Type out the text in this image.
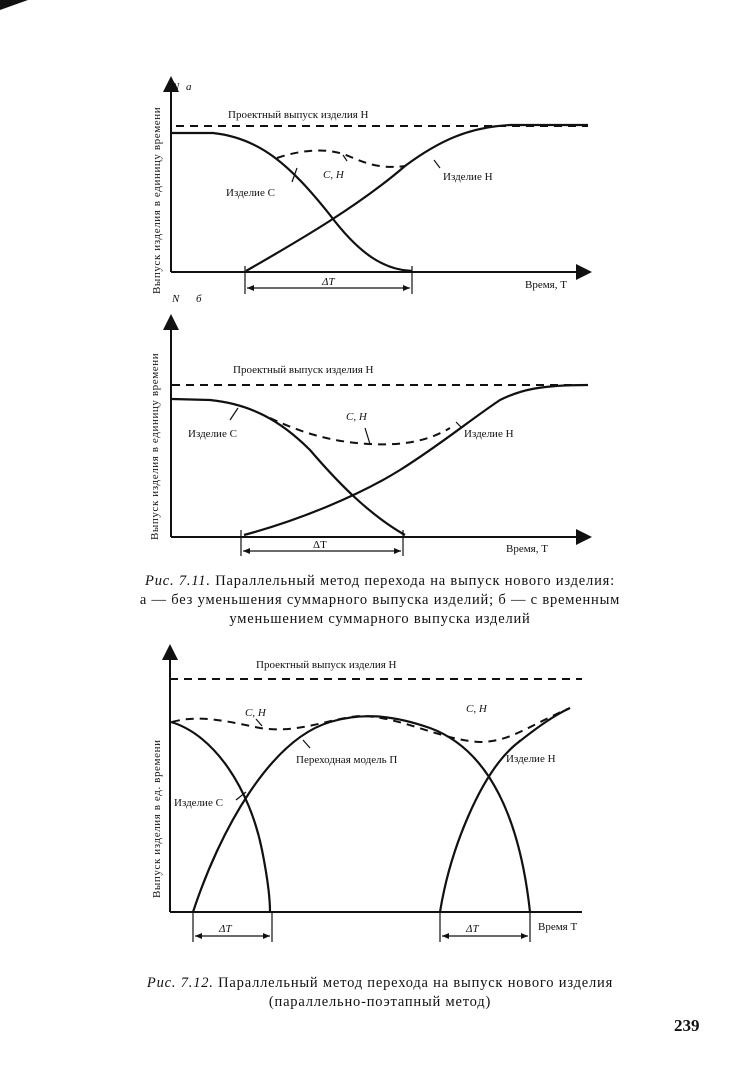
N а
Выпуск изделия в единицу времени	Время, T
Проектный выпуск изделия Н
С, Н
Изделие С
Изделие Н
ΔT
N б
Выпуск изделия в единицу времени
Время, T
Проектный выпуск изделия Н
С, Н
Изделие С	Изделие Н
ΔT
Рис. 7.11. Параллельный метод перехода на выпуск нового изделия:
а — без уменьшения суммарного выпуска изделий; б — с временным
уменьшением суммарного выпуска изделий
Выпуск изделия в ед. времени
Время T
Проектный выпуск изделия Н
С, Н	С, Н
Изделие С
Переходная модель П	Изделие Н
ΔT	ΔT
Рис. 7.12. Параллельный метод перехода на выпуск нового изделия
(параллельно-поэтапный метод)
239
